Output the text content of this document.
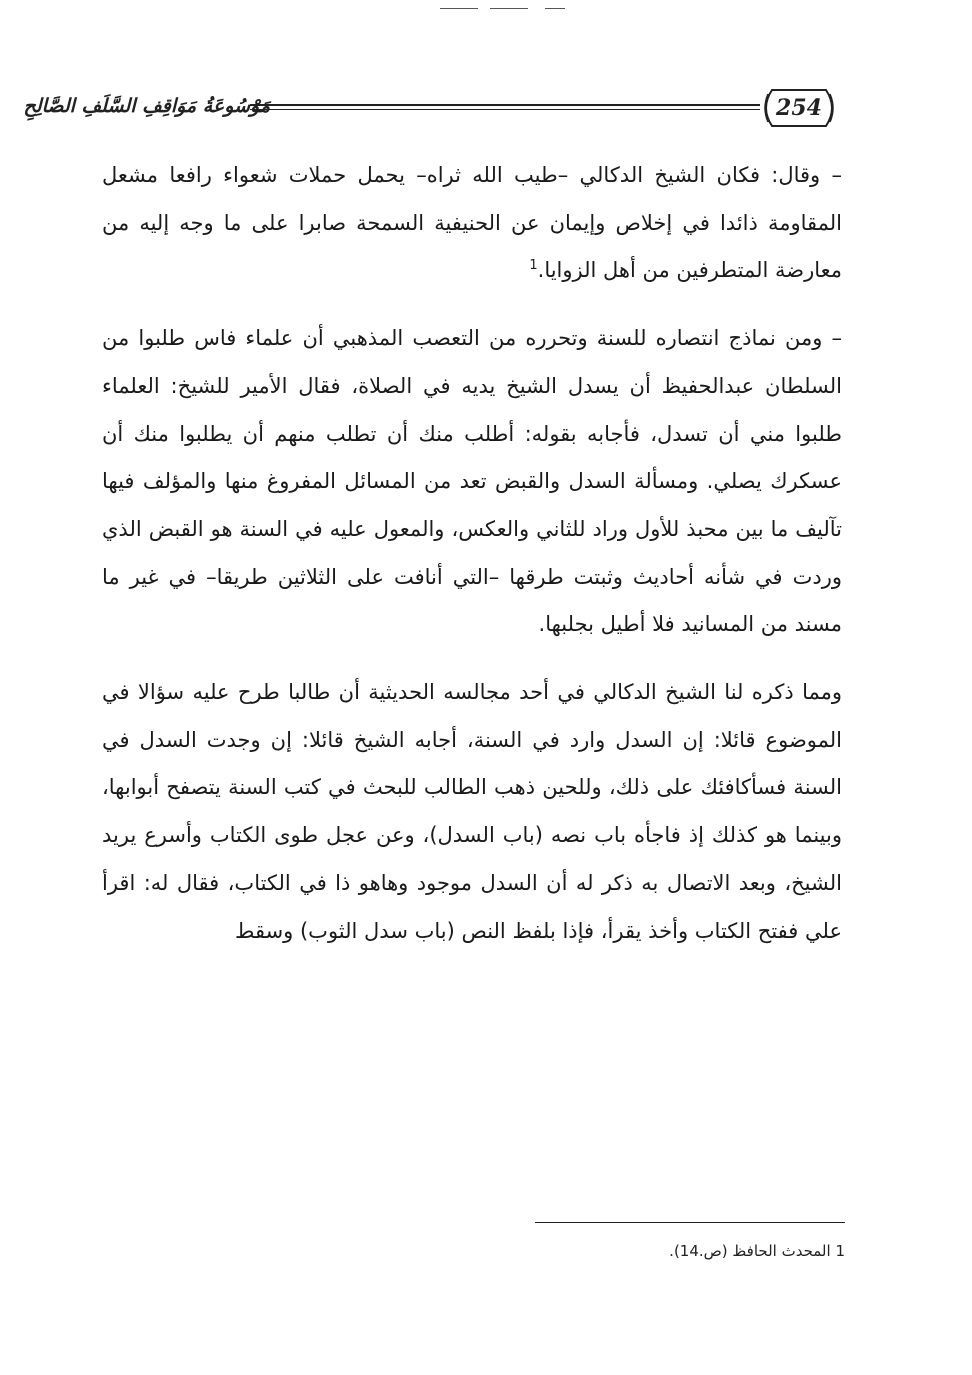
مَوْسُوعَةُ مَوَاقِفِ السَّلَفِ الصَّالِحِ	254

– وقال: فكان الشيخ الدكالي –طيب الله ثراه– يحمل حملات شعواء رافعا مشعل المقاومة ذائدا في إخلاص وإيمان عن الحنيفية السمحة صابرا على ما وجه إليه من معارضة المتطرفين من أهل الزوايا.$^1$

– ومن نماذج انتصاره للسنة وتحرره من التعصب المذهبي أن علماء فاس طلبوا من السلطان عبدالحفيظ أن يسدل الشيخ يديه في الصلاة، فقال الأمير للشيخ: العلماء طلبوا مني أن تسدل، فأجابه بقوله: أطلب منك أن تطلب منهم أن يطلبوا منك أن عسكرك يصلي. ومسألة السدل والقبض تعد من المسائل المفروغ منها والمؤلف فيها تآليف ما بين محبذ للأول وراد للثاني والعكس، والمعول عليه في السنة هو القبض الذي وردت في شأنه أحاديث وثبتت طرقها –التي أنافت على الثلاثين طريقا– في غير ما مسند من المسانيد فلا أطيل بجلبها.

ومما ذكره لنا الشيخ الدكالي في أحد مجالسه الحديثية أن طالبا طرح عليه سؤالا في الموضوع قائلا: إن السدل وارد في السنة، أجابه الشيخ قائلا: إن وجدت السدل في السنة فسأكافئك على ذلك، وللحين ذهب الطالب للبحث في كتب السنة يتصفح أبوابها، وبينما هو كذلك إذ فاجأه باب نصه (باب السدل)، وعن عجل طوى الكتاب وأسرع يريد الشيخ، وبعد الاتصال به ذكر له أن السدل موجود وهاهو ذا في الكتاب، فقال له: اقرأ علي ففتح الكتاب وأخذ يقرأ، فإذا بلفظ النص (باب سدل الثوب) وسقط

1 المحدث الحافظ (ص.14).
